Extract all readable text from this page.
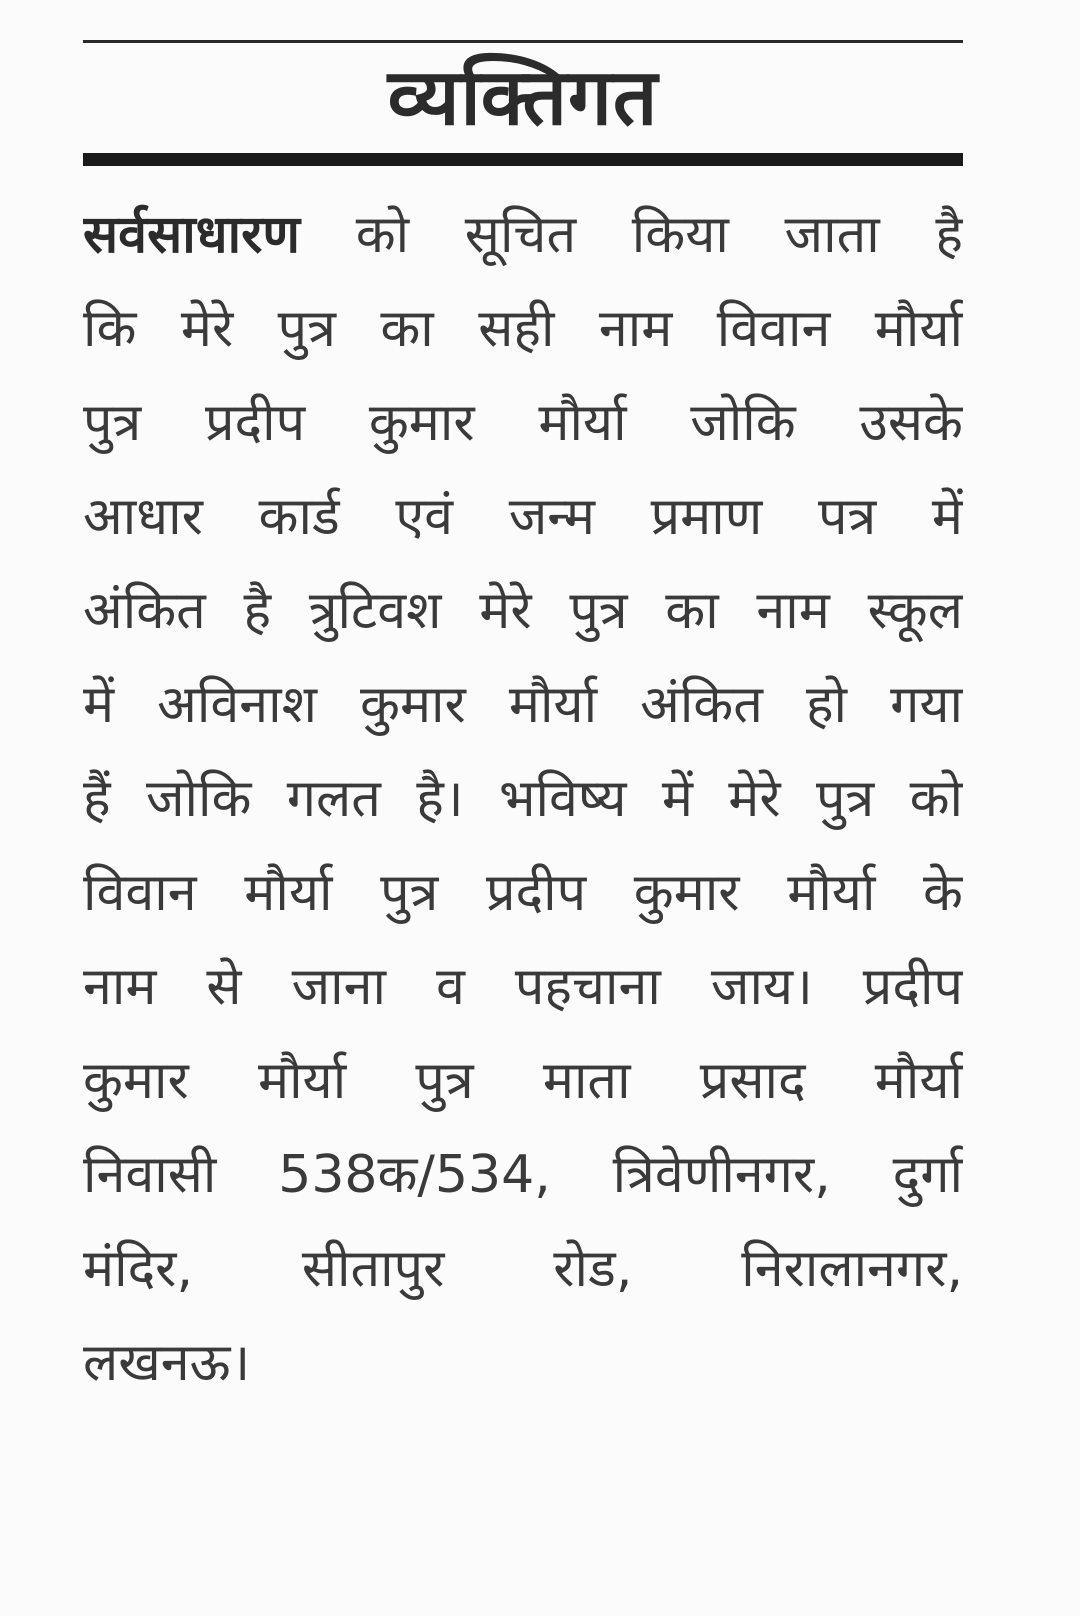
व्यक्तिगत
सर्वसाधारण को सूचित किया जाता है
कि मेरे पुत्र का सही नाम विवान मौर्या
पुत्र प्रदीप कुमार मौर्या जोकि उसके
आधार कार्ड एवं जन्म प्रमाण पत्र में
अंकित है त्रुटिवश मेरे पुत्र का नाम स्कूल
में अविनाश कुमार मौर्या अंकित हो गया
हैं जोकि गलत है। भविष्य में मेरे पुत्र को
विवान मौर्या पुत्र प्रदीप कुमार मौर्या के
नाम से जाना व पहचाना जाय। प्रदीप
कुमार मौर्या पुत्र माता प्रसाद मौर्या
निवासी 538क/534, त्रिवेणीनगर, दुर्गा
मंदिर, सीतापुर रोड, निरालानगर,
लखनऊ।
